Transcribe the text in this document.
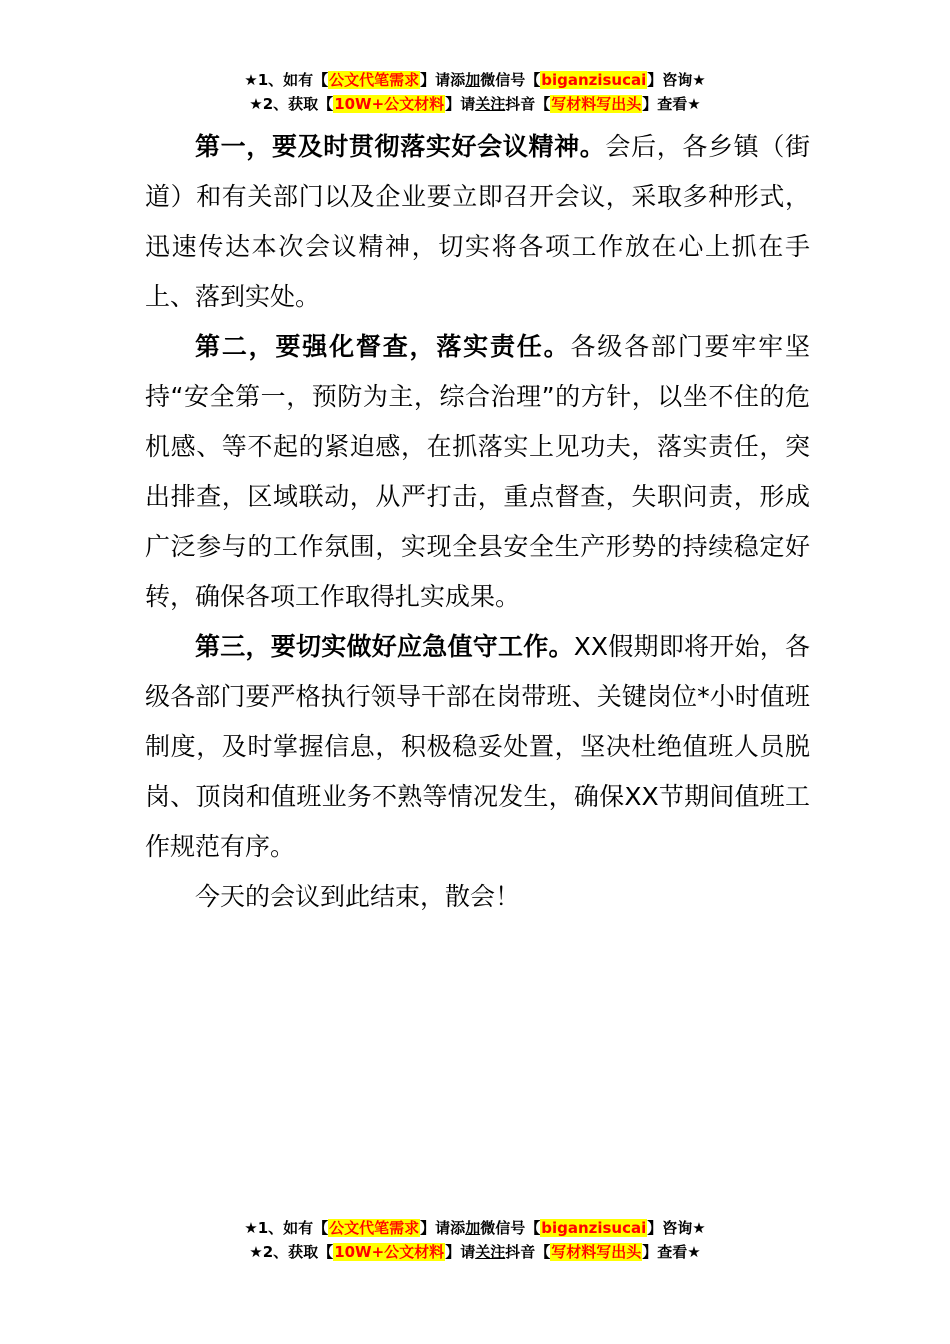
★1、如有【公文代笔需求】请添加微信号【biganzisucai】咨询★
★2、获取【10W+公文材料】请关注抖音【写材料写出头】查看★

第一，要及时贯彻落实好会议精神。会后，各乡镇（街道）和有关部门以及企业要立即召开会议，采取多种形式，迅速传达本次会议精神，切实将各项工作放在心上抓在手上、落到实处。

第二，要强化督查，落实责任。各级各部门要牢牢坚持“安全第一，预防为主，综合治理”的方针，以坐不住的危机感、等不起的紧迫感，在抓落实上见功夫，落实责任，突出排查，区域联动，从严打击，重点督查，失职问责，形成广泛参与的工作氛围，实现全县安全生产形势的持续稳定好转，确保各项工作取得扎实成果。

第三，要切实做好应急值守工作。XX假期即将开始，各级各部门要严格执行领导干部在岗带班、关键岗位*小时值班制度，及时掌握信息，积极稳妥处置，坚决杜绝值班人员脱岗、顶岗和值班业务不熟等情况发生，确保XX节期间值班工作规范有序。

今天的会议到此结束，散会！

★1、如有【公文代笔需求】请添加微信号【biganzisucai】咨询★
★2、获取【10W+公文材料】请关注抖音【写材料写出头】查看★
